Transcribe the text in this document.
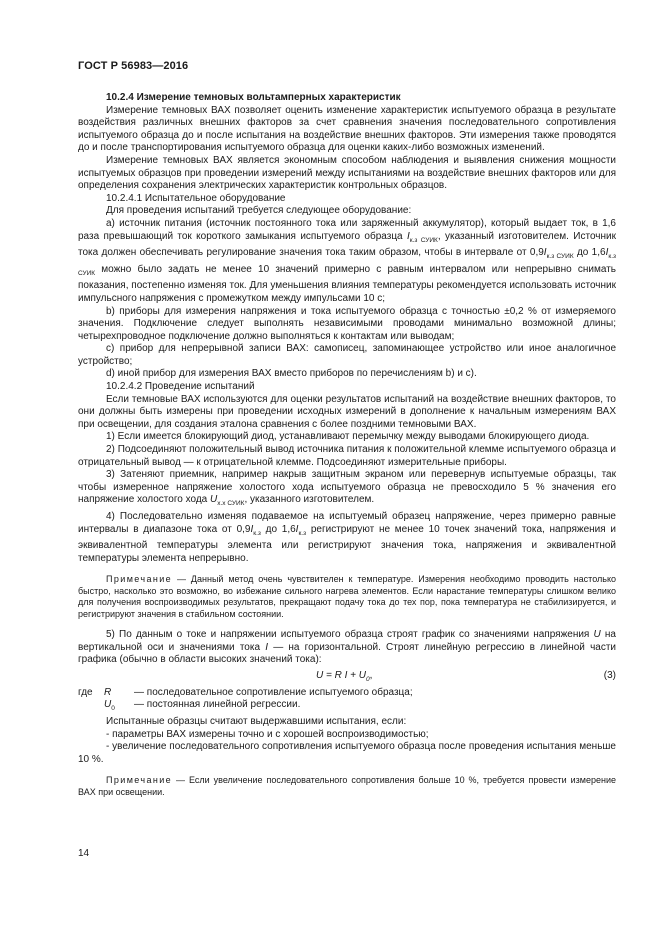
ГОСТ Р 56983—2016

10.2.4 Измерение темновых вольтамперных характеристик

Измерение темновых ВАХ позволяет оценить изменение характеристик испытуемого образца в результате воздействия различных внешних факторов за счет сравнения значения последовательного сопротивления испытуемого образца до и после испытания на воздействие внешних факторов. Эти измерения также проводятся до и после транспортирования испытуемого образца для оценки каких-либо возможных изменений.

Измерение темновых ВАХ является экономным способом наблюдения и выявления снижения мощности испытуемых образцов при проведении измерений между испытаниями на воздействие внешних факторов или для определения сохранения электрических характеристик контрольных образцов.

10.2.4.1 Испытательное оборудование

Для проведения испытаний требуется следующее оборудование:

а) источник питания (источник постоянного тока или заряженный аккумулятор), который выдает ток, в 1,6 раза превышающий ток короткого замыкания испытуемого образца $I_{к.з СУИК}$, указанный изготовителем. Источник тока должен обеспечивать регулирование значения тока таким образом, чтобы в интервале от $0,9I_{к.з СУИК}$ до $1,6I_{к.з СУИК}$ можно было задать не менее 10 значений примерно с равным интервалом или непрерывно снимать показания, постепенно изменяя ток. Для уменьшения влияния температуры рекомендуется использовать источник импульсного напряжения с промежутком между импульсами 10 с;

b) приборы для измерения напряжения и тока испытуемого образца с точностью ±0,2 % от измеряемого значения. Подключение следует выполнять независимыми проводами минимально возможной длины; четырехпроводное подключение должно выполняться к контактам или выводам;

с) прибор для непрерывной записи ВАХ: самописец, запоминающее устройство или иное аналогичное устройство;

d) иной прибор для измерения ВАХ вместо приборов по перечислениям b) и с).

10.2.4.2 Проведение испытаний

Если темновые ВАХ используются для оценки результатов испытаний на воздействие внешних факторов, то они должны быть измерены при проведении исходных измерений в дополнение к начальным измерениям ВАХ при освещении, для создания эталона сравнения с более поздними темновыми ВАХ.

1) Если имеется блокирующий диод, устанавливают перемычку между выводами блокирующего диода.

2) Подсоединяют положительный вывод источника питания к положительной клемме испытуемого образца и отрицательный вывод — к отрицательной клемме. Подсоединяют измерительные приборы.

3) Затеняют приемник, например накрыв защитным экраном или перевернув испытуемые образцы, так чтобы измеренное напряжение холостого хода испытуемого образца не превосходило 5 % значения его напряжение холостого хода $U_{х.х СУИК}$, указанного изготовителем.

4) Последовательно изменяя подаваемое на испытуемый образец напряжение, через примерно равные интервалы в диапазоне тока от $0,9I_{к.з}$ до $1,6I_{к.з}$ регистрируют не менее 10 точек значений тока, напряжения и эквивалентной температуры элемента или регистрируют значения тока, напряжения и эквивалентной температуры элемента непрерывно.

Примечание — Данный метод очень чувствителен к температуре. Измерения необходимо проводить настолько быстро, насколько это возможно, во избежание сильного нагрева элементов. Если нарастание температуры слишком велико для получения воспроизводимых результатов, прекращают подачу тока до тех пор, пока температура не стабилизируется, и регистрируют значения в стабильном состоянии.

5) По данным о токе и напряжении испытуемого образца строят график со значениями напряжения U на вертикальной оси и значениями тока I — на горизонтальной. Строят линейную регрессию в линейной части графика (обычно в области высоких значений тока):

U = R $I + U_0$,	(3)
где	R	— последовательное сопротивление испытуемого образца;
$U_0$	— постоянная линейной регрессии.

Испытанные образцы считают выдержавшими испытания, если:

- параметры ВАХ измерены точно и с хорошей воспроизводимостью;

- увеличение последовательного сопротивления испытуемого образца после проведения испытания меньше 10 %.

Примечание — Если увеличение последовательного сопротивления больше 10 %, требуется провести измерение ВАХ при освещении.

14
